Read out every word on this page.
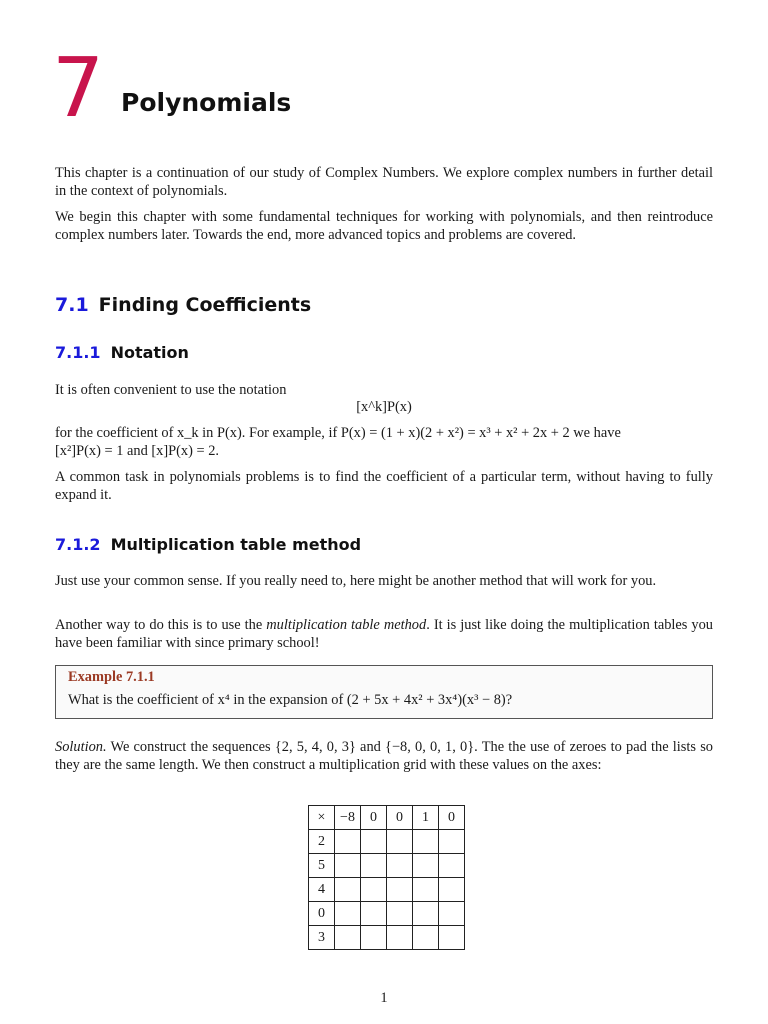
7 Polynomials
This chapter is a continuation of our study of Complex Numbers. We explore complex numbers in further detail in the context of polynomials.
We begin this chapter with some fundamental techniques for working with polynomials, and then reintroduce complex numbers later. Towards the end, more advanced topics and problems are covered.
7.1 Finding Coefficients
7.1.1 Notation
It is often convenient to use the notation
[x^k]P(x)
for the coefficient of x_k in P(x). For example, if P(x) = (1 + x)(2 + x²) = x³ + x² + 2x + 2 we have
[x²]P(x) = 1 and [x]P(x) = 2.
A common task in polynomials problems is to find the coefficient of a particular term, without having to fully expand it.
7.1.2 Multiplication table method
Just use your common sense. If you really need to, here might be another method that will work for you.
Another way to do this is to use the multiplication table method. It is just like doing the multiplication tables you have been familiar with since primary school!
Example 7.1.1
What is the coefficient of x⁴ in the expansion of (2 + 5x + 4x² + 3x⁴)(x³ − 8)?
Solution. We construct the sequences {2, 5, 4, 0, 3} and {−8, 0, 0, 1, 0}. The the use of zeroes to pad the lists so they are the same length. We then construct a multiplication grid with these values on the axes:
×	−8	0	0	1	0
2					
5					
4					
0					
3					
1
